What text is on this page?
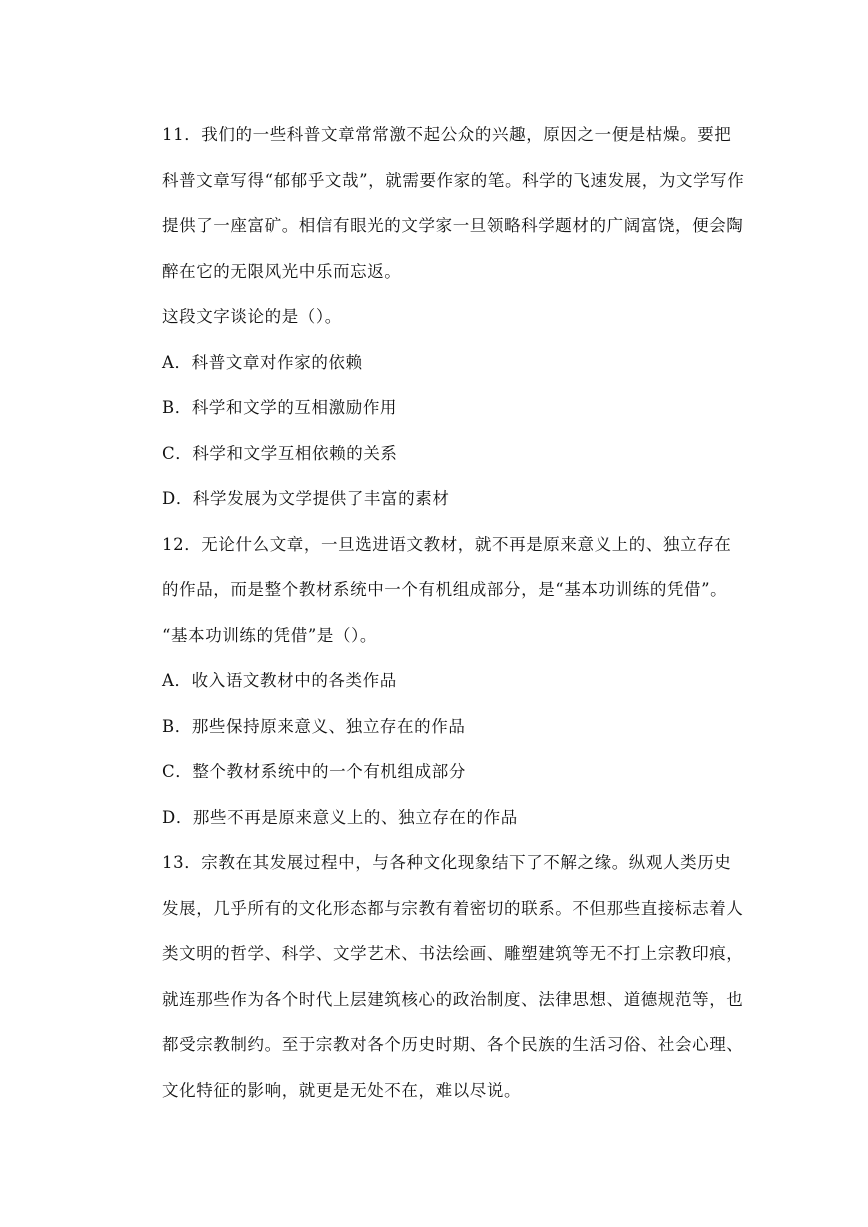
11．我们的一些科普文章常常激不起公众的兴趣，原因之一便是枯燥。要把科普文章写得“郁郁乎文哉”，就需要作家的笔。科学的飞速发展，为文学写作提供了一座富矿。相信有眼光的文学家一旦领略科学题材的广阔富饶，便会陶醉在它的无限风光中乐而忘返。

这段文字谈论的是（）。

A．科普文章对作家的依赖

B．科学和文学的互相激励作用

C．科学和文学互相依赖的关系

D．科学发展为文学提供了丰富的素材

12．无论什么文章，一旦选进语文教材，就不再是原来意义上的、独立存在的作品，而是整个教材系统中一个有机组成部分，是“基本功训练的凭借”。

“基本功训练的凭借”是（）。

A．收入语文教材中的各类作品

B．那些保持原来意义、独立存在的作品

C．整个教材系统中的一个有机组成部分

D．那些不再是原来意义上的、独立存在的作品

13．宗教在其发展过程中，与各种文化现象结下了不解之缘。纵观人类历史发展，几乎所有的文化形态都与宗教有着密切的联系。不但那些直接标志着人类文明的哲学、科学、文学艺术、书法绘画、雕塑建筑等无不打上宗教印痕，就连那些作为各个时代上层建筑核心的政治制度、法律思想、道德规范等，也都受宗教制约。至于宗教对各个历史时期、各个民族的生活习俗、社会心理、文化特征的影响，就更是无处不在，难以尽说。
